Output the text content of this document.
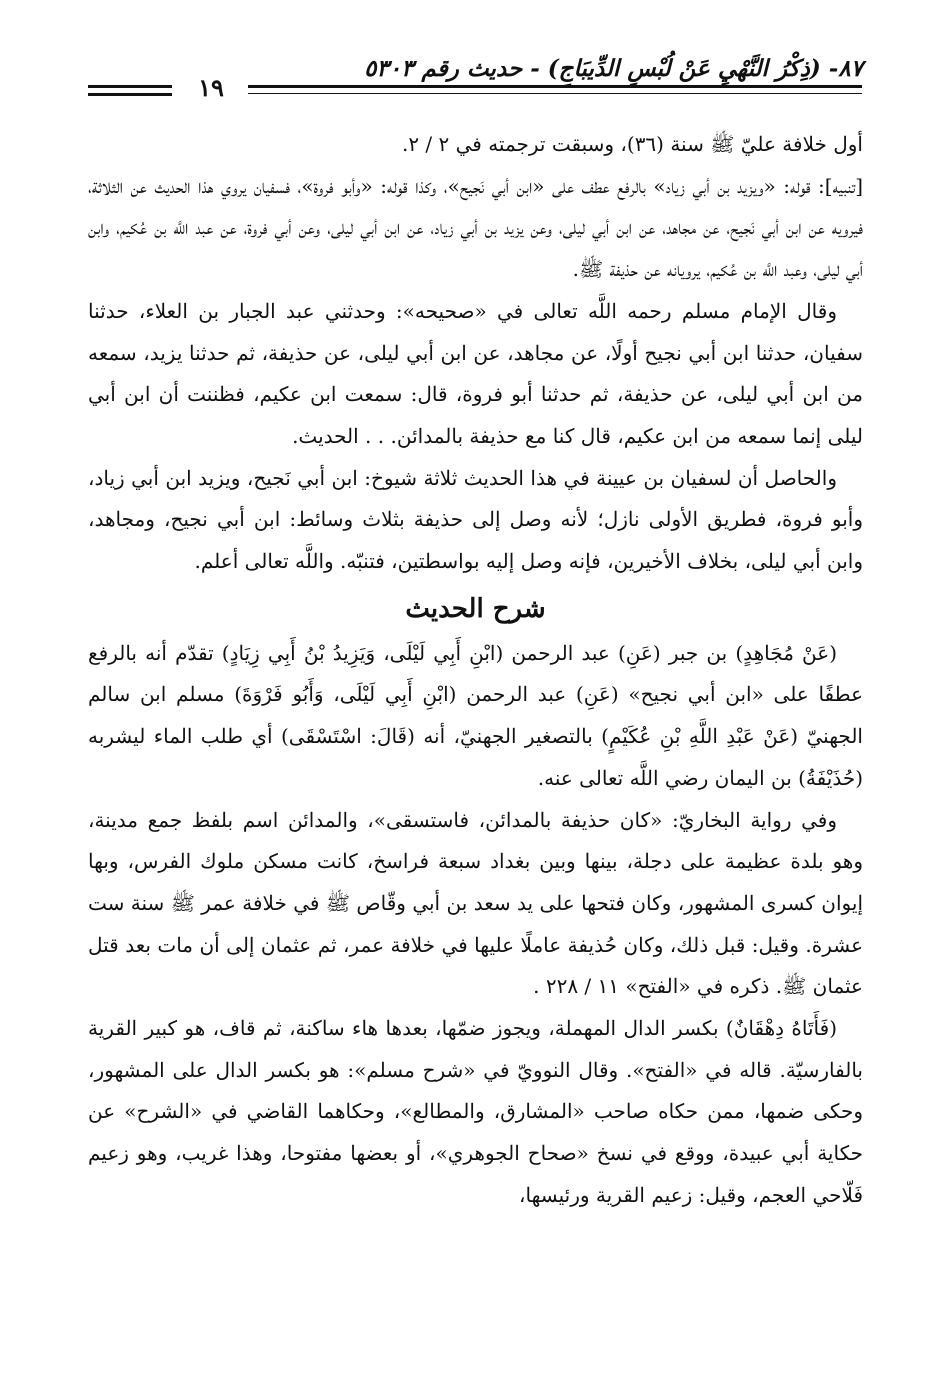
٨٧- (ذِكْرُ النَّهْيِ عَنْ لُبْسِ الدِّيبَاجِ) - حديث رقم ٥٣٠٣
١٩

أول خلافة عليّ ﷺ سنة (٣٦)، وسبقت ترجمته في ٢ / ٢.

[تنبيه]: قوله: «ويزيد بن أبي زياد» بالرفع عطف على «ابن أبي نَجيح»، وكذا قوله: «وأبو فروة»، فسفيان يروي هذا الحديث عن الثلاثة، فيرويه عن ابن أبي نَجيح، عن مجاهد، عن ابن أبي ليلى، وعن يزيد بن أبي زياد، عن ابن أبي ليلى، وعن أبي فروة، عن عبد اللَّه بن عُكيم، وابن أبي ليلى، وعبد اللَّه بن عُكيم، يرويانه عن حذيفة ﷺ.

وقال الإمام مسلم رحمه اللَّه تعالى في «صحيحه»: وحدثني عبد الجبار بن العلاء، حدثنا سفيان، حدثنا ابن أبي نجيح أولًا، عن مجاهد، عن ابن أبي ليلى، عن حذيفة، ثم حدثنا يزيد، سمعه من ابن أبي ليلى، عن حذيفة، ثم حدثنا أبو فروة، قال: سمعت ابن عكيم، فظننت أن ابن أبي ليلى إنما سمعه من ابن عكيم، قال كنا مع حذيفة بالمدائن. . . الحديث.

والحاصل أن لسفيان بن عيينة في هذا الحديث ثلاثة شيوخ: ابن أبي نَجيح، ويزيد ابن أبي زياد، وأبو فروة، فطريق الأولى نازل؛ لأنه وصل إلى حذيفة بثلاث وسائط: ابن أبي نجيح، ومجاهد، وابن أبي ليلى، بخلاف الأخيرين، فإنه وصل إليه بواسطتين، فتنبّه. واللَّه تعالى أعلم.

شرح الحديث

(عَنْ مُجَاهِدٍ) بن جبر (عَنِ) عبد الرحمن (ابْنِ أَبِي لَيْلَى، وَيَزِيدُ بْنُ أَبِي زِيَادٍ) تقدّم أنه بالرفع عطفًا على «ابن أبي نجيح» (عَنِ) عبد الرحمن (ابْنِ أَبِي لَيْلَى، وَأَبُو فَرْوَةَ) مسلم ابن سالم الجهنيّ (عَنْ عَبْدِ اللَّهِ بْنِ عُكَيْمٍ) بالتصغير الجهنيّ، أنه (قَالَ: اسْتَسْقَى) أي طلب الماء ليشربه (حُذَيْفَةُ) بن اليمان رضي اللَّه تعالى عنه.

وفي رواية البخاريّ: «كان حذيفة بالمدائن، فاستسقى»، والمدائن اسم بلفظ جمع مدينة، وهو بلدة عظيمة على دجلة، بينها وبين بغداد سبعة فراسخ، كانت مسكن ملوك الفرس، وبها إيوان كسرى المشهور، وكان فتحها على يد سعد بن أبي وقّاص ﷺ في خلافة عمر ﷺ سنة ست عشرة. وقيل: قبل ذلك، وكان حُذيفة عاملًا عليها في خلافة عمر، ثم عثمان إلى أن مات بعد قتل عثمان ﷺ. ذكره في «الفتح» ١١ / ٢٢٨ .

(فَأَتَاهُ دِهْقَانٌ) بكسر الدال المهملة، ويجوز ضمّها، بعدها هاء ساكنة، ثم قاف، هو كبير القرية بالفارسيّة. قاله في «الفتح». وقال النوويّ في «شرح مسلم»: هو بكسر الدال على المشهور، وحكى ضمها، ممن حكاه صاحب «المشارق، والمطالع»، وحكاهما القاضي في «الشرح» عن حكاية أبي عبيدة، ووقع في نسخ «صحاح الجوهري»، أو بعضها مفتوحا، وهذا غريب، وهو زعيم فَلّاحي العجم، وقيل: زعيم القرية ورئيسها،
